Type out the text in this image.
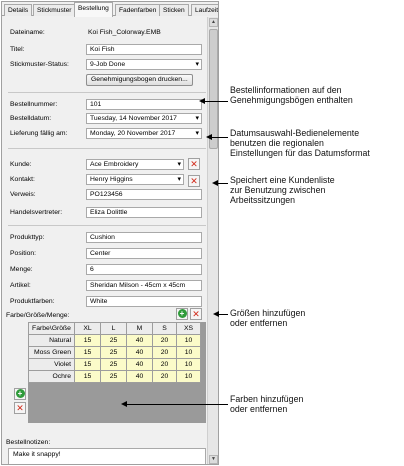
Details	Stickmuster Bestellung	Fadenfarben Sticken	Laufzeit
Dateiname:	Koi Fish_Colorway.EMB
Titel:	Koi Fish
Stickmuster-Status:	9-Job Done ▾
Genehmigungsbogen drucken...
Bestellnummer:	101
Bestelldatum:	Tuesday, 14 November 2017 ▾
Lieferung fällig am:	Monday, 20 November 2017 ▾
Kunde:	Ace Embroidery ▾	✕
Kontakt:	Henry Higgins ▾	✕
Verweis:	PO123456
Handelsvertreter:	Eliza Dolittle
Produkttyp:	Cushion
Position:	Center
Menge:	6
Artikel:	Sheridan Milson - 45cm x 45cm
Produktfarben:	White
Farbe/Größe/Menge:	+ ✕
Farbe\Größe	XL	L	M	S	XS
Natural	15	25	40	20	10
Moss Green	15	25	40	20	10
Violet	15	25	40	20	10
Ochre	15	25	40	20	10
+
✕
Bestellnotizen:
Make it snappy!
▲
▼
Bestellinformationen auf den
Genehmigungsbögen enthalten
Datumsauswahl-Bedienelemente
benutzen die regionalen
Einstellungen für das Datumsformat
Speichert eine Kundenliste
zur Benutzung zwischen
Arbeitssitzungen
Größen hinzufügen
oder entfernen
Farben hinzufügen
oder entfernen
